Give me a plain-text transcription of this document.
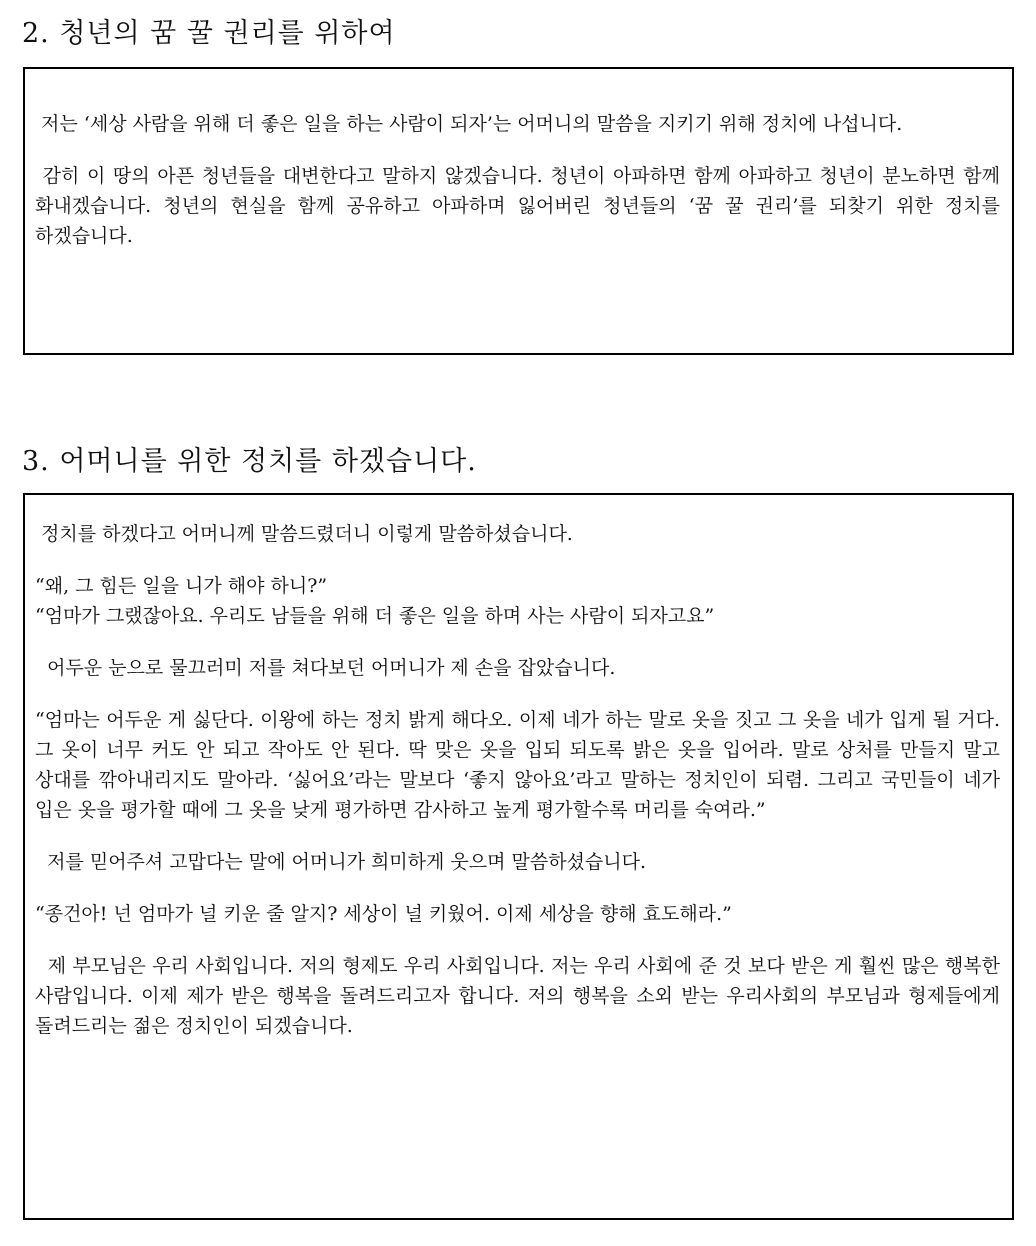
2. 청년의 꿈 꿀 권리를 위하여

저는 ‘세상 사람을 위해 더 좋은 일을 하는 사람이 되자’는 어머니의 말씀을 지키기 위해 정치에 나섭니다.

감히 이 땅의 아픈 청년들을 대변한다고 말하지 않겠습니다. 청년이 아파하면 함께 아파하고 청년이 분노하면 함께 화내겠습니다. 청년의 현실을 함께 공유하고 아파하며 잃어버린 청년들의 ‘꿈 꿀 권리’를 되찾기 위한 정치를 하겠습니다.

3. 어머니를 위한 정치를 하겠습니다.

정치를 하겠다고 어머니께 말씀드렸더니 이렇게 말씀하셨습니다.

“왜, 그 힘든 일을 니가 해야 하니?”

“엄마가 그랬잖아요. 우리도 남들을 위해 더 좋은 일을 하며 사는 사람이 되자고요”

어두운 눈으로 물끄러미 저를 쳐다보던 어머니가 제 손을 잡았습니다.

“엄마는 어두운 게 싫단다. 이왕에 하는 정치 밝게 해다오. 이제 네가 하는 말로 옷을 짓고 그 옷을 네가 입게 될 거다. 그 옷이 너무 커도 안 되고 작아도 안 된다. 딱 맞은 옷을 입되 되도록 밝은 옷을 입어라. 말로 상처를 만들지 말고 상대를 깎아내리지도 말아라. ‘싫어요’라는 말보다 ‘좋지 않아요’라고 말하는 정치인이 되렴. 그리고 국민들이 네가 입은 옷을 평가할 때에 그 옷을 낮게 평가하면 감사하고 높게 평가할수록 머리를 숙여라.”

저를 믿어주셔 고맙다는 말에 어머니가 희미하게 웃으며 말씀하셨습니다.

“종건아! 넌 엄마가 널 키운 줄 알지? 세상이 널 키웠어. 이제 세상을 향해 효도해라.”

제 부모님은 우리 사회입니다. 저의 형제도 우리 사회입니다. 저는 우리 사회에 준 것 보다 받은 게 훨씬 많은 행복한 사람입니다. 이제 제가 받은 행복을 돌려드리고자 합니다. 저의 행복을 소외 받는 우리사회의 부모님과 형제들에게 돌려드리는 젊은 정치인이 되겠습니다.
